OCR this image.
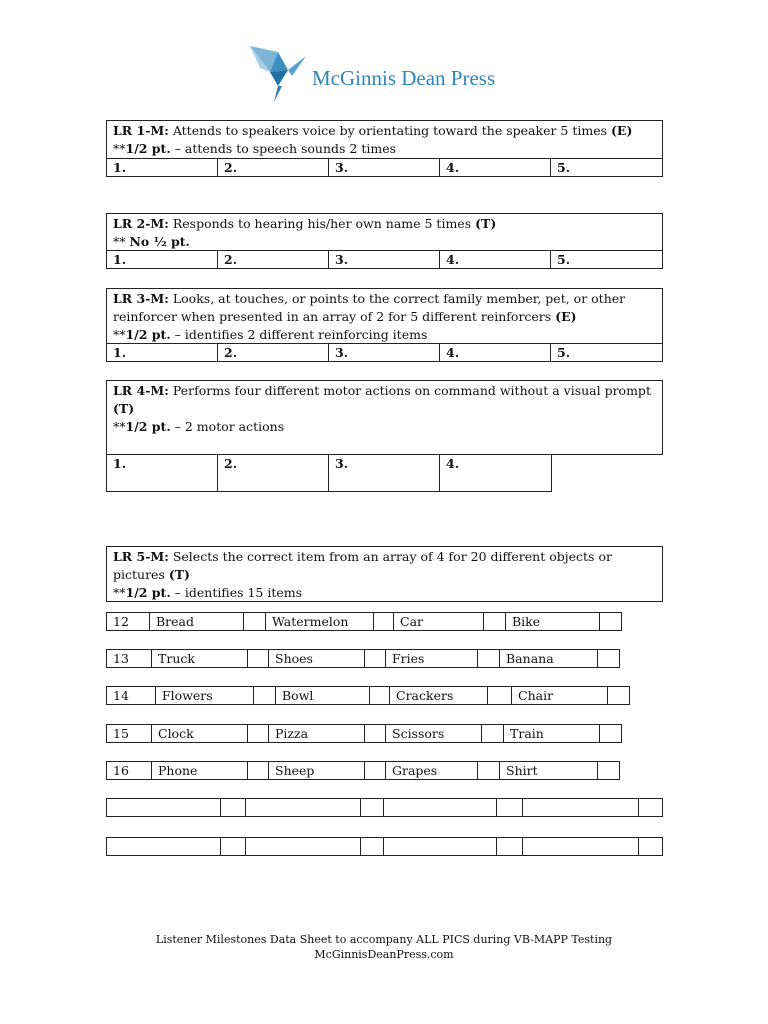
McGinnis Dean Press
LR 1-M: Attends to speakers voice by orientating toward the speaker 5 times (E)
**1/2 pt. – attends to speech sounds 2 times
1.	2.	3.	4.	5.
LR 2-M: Responds to hearing his/her own name 5 times (T)
** No ½ pt.
1.	2.	3.	4.	5.
LR 3-M: Looks, at touches, or points to the correct family member, pet, or other reinforcer when presented in an array of 2 for 5 different reinforcers (E)
**1/2 pt. – identifies 2 different reinforcing items
1.	2.	3.	4.	5.
LR 4-M: Performs four different motor actions on command without a visual prompt (T)
**1/2 pt. – 2 motor actions
1.	2.	3.	4.
LR 5-M: Selects the correct item from an array of 4 for 20 different objects or pictures (T)
**1/2 pt. – identifies 15 items
12	Bread	Watermelon	Car	Bike
13	Truck	Shoes	Fries	Banana
14	Flowers	Bowl	Crackers	Chair
15	Clock	Pizza	Scissors	Train
16	Phone	Sheep	Grapes	Shirt
Listener Milestones Data Sheet to accompany ALL PICS during VB-MAPP Testing
McGinnisDeanPress.com
